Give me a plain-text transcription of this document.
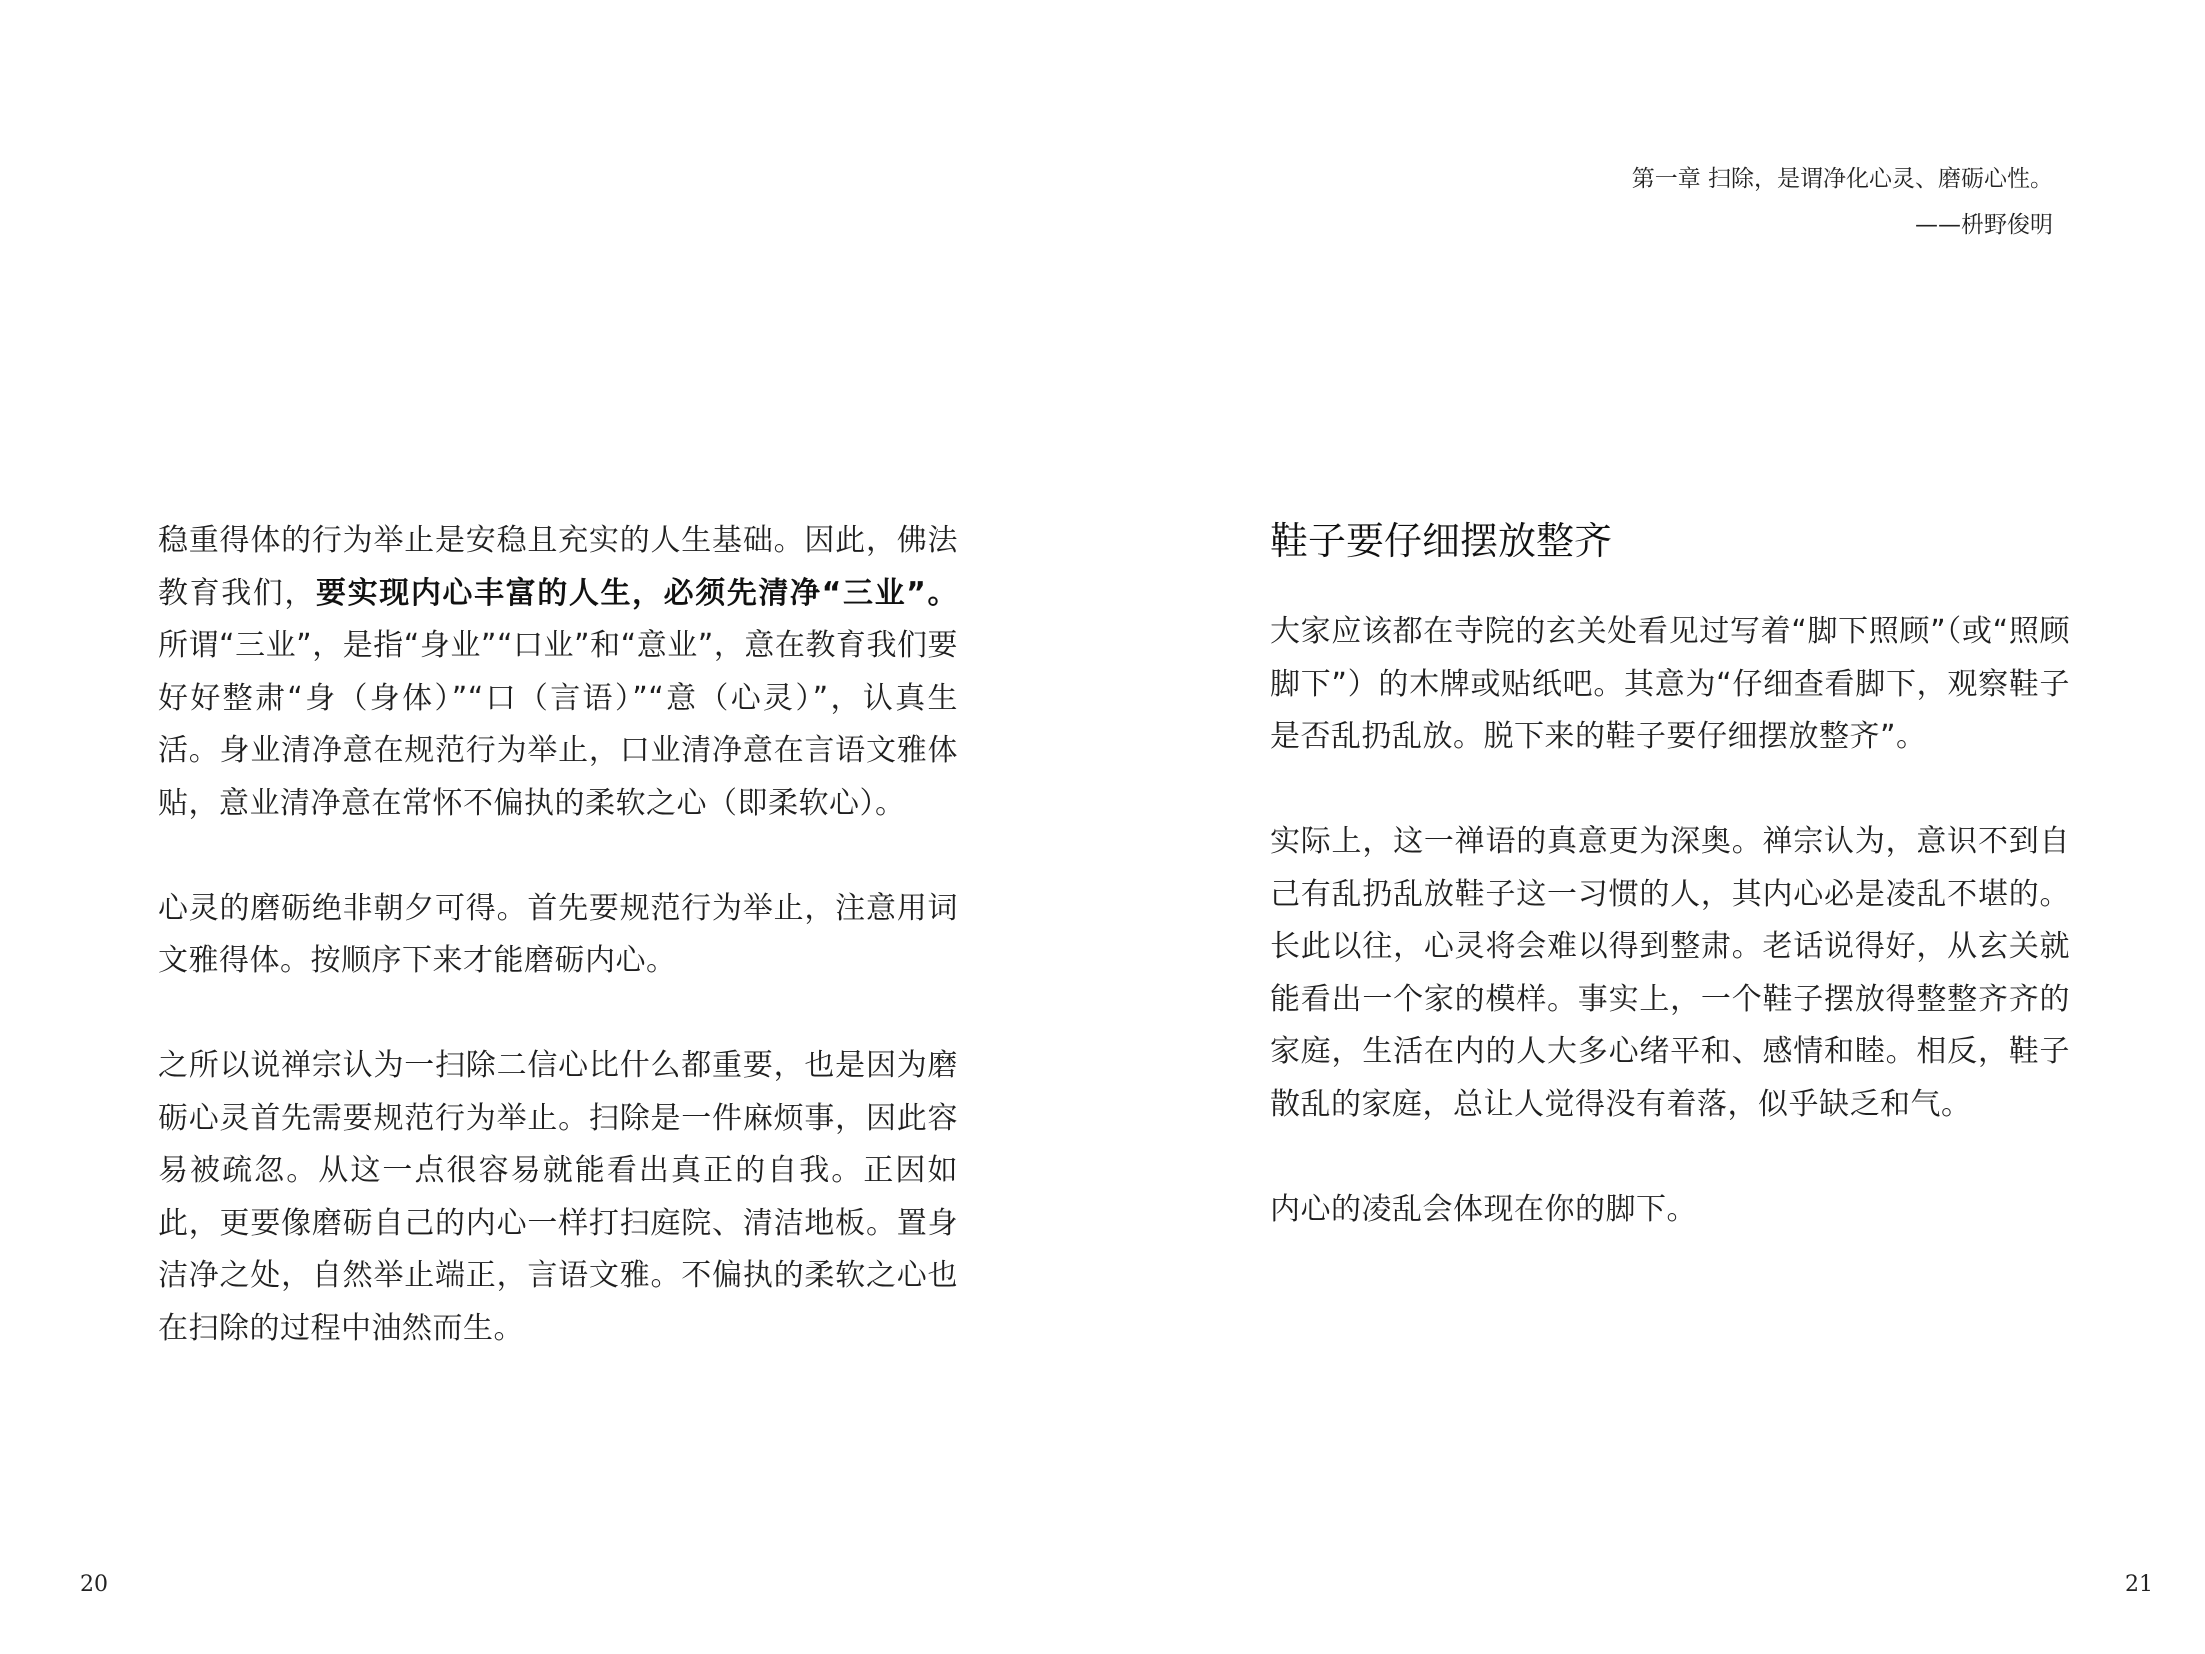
稳重得体的行为举止是安稳且充实的人生基础。因此，佛法教育我们，要实现内心丰富的人生，必须先清净“三业”。所谓“三业”，是指“身业”“口业”和“意业”，意在教育我们要好好整肃“身（身体）”“口（言语）”“意（心灵）”，认真生活。身业清净意在规范行为举止，口业清净意在言语文雅体贴，意业清净意在常怀不偏执的柔软之心（即柔软心）。

心灵的磨砺绝非朝夕可得。首先要规范行为举止，注意用词文雅得体。按顺序下来才能磨砺内心。

之所以说禅宗认为一扫除二信心比什么都重要，也是因为磨砺心灵首先需要规范行为举止。扫除是一件麻烦事，因此容易被疏忽。从这一点很容易就能看出真正的自我。正因如此，更要像磨砺自己的内心一样打扫庭院、清洁地板。置身洁净之处，自然举止端正，言语文雅。不偏执的柔软之心也在扫除的过程中油然而生。

20
第一章 扫除，是谓净化心灵、磨砺心性。
——枡野俊明
鞋子要仔细摆放整齐

大家应该都在寺院的玄关处看见过写着“脚下照顾”（或“照顾脚下”）的木牌或贴纸吧。其意为“仔细查看脚下，观察鞋子是否乱扔乱放。脱下来的鞋子要仔细摆放整齐”。

实际上，这一禅语的真意更为深奥。禅宗认为，意识不到自己有乱扔乱放鞋子这一习惯的人，其内心必是凌乱不堪的。长此以往，心灵将会难以得到整肃。老话说得好，从玄关就能看出一个家的模样。事实上，一个鞋子摆放得整整齐齐的家庭，生活在内的人大多心绪平和、感情和睦。相反，鞋子散乱的家庭，总让人觉得没有着落，似乎缺乏和气。

内心的凌乱会体现在你的脚下。

21
